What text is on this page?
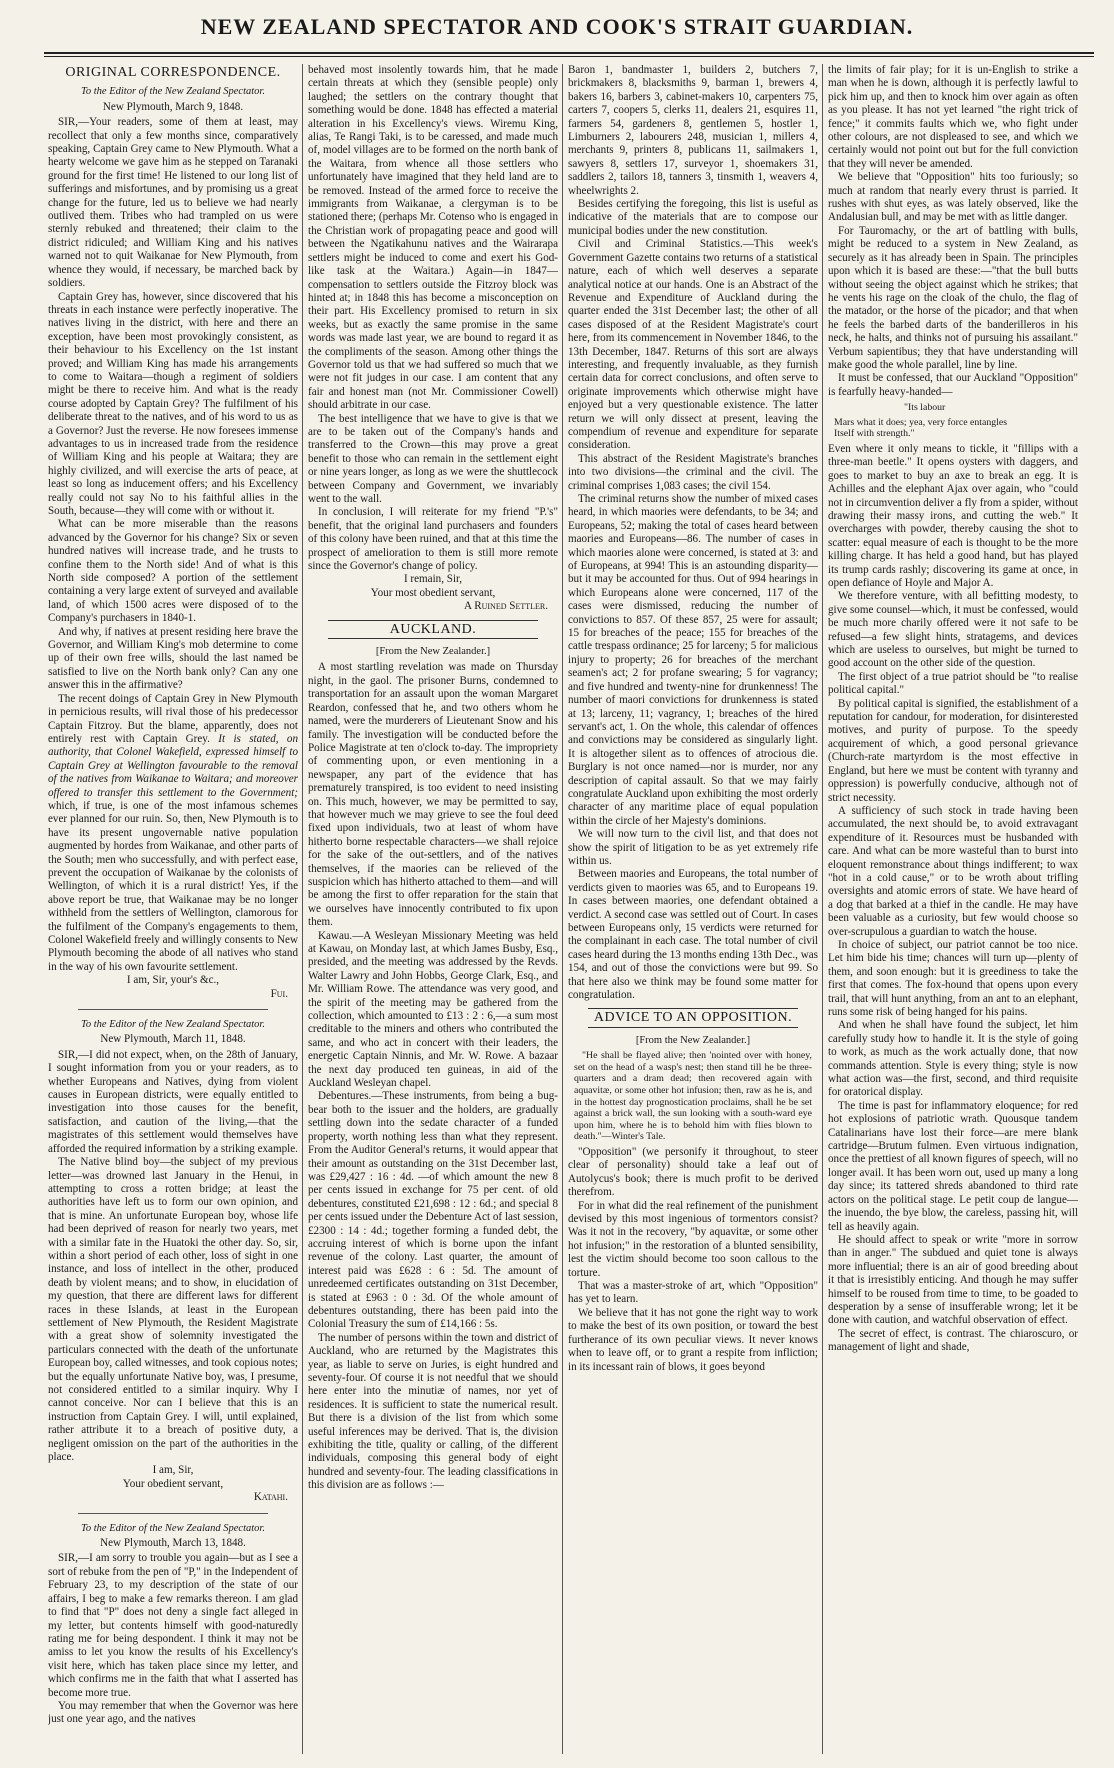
NEW ZEALAND SPECTATOR AND COOK'S STRAIT GUARDIAN.
ORIGINAL CORRESPONDENCE.

To the Editor of the New Zealand Spectator.

New Plymouth, March 9, 1848.

SIR,—Your readers, some of them at least, may recollect that only a few months since, comparatively speaking, Captain Grey came to New Plymouth. What a hearty welcome we gave him as he stepped on Taranaki ground for the first time! He listened to our long list of sufferings and misfortunes, and by promising us a great change for the future, led us to believe we had nearly outlived them. Tribes who had trampled on us were sternly rebuked and threatened; their claim to the district ridiculed; and William King and his natives warned not to quit Waikanae for New Plymouth, from whence they would, if necessary, be marched back by soldiers.

Captain Grey has, however, since discovered that his threats in each instance were perfectly inoperative. The natives living in the district, with here and there an exception, have been most provokingly consistent, as their behaviour to his Excellency on the 1st instant proved; and William King has made his arrangements to come to Waitara—though a regiment of soldiers might be there to receive him. And what is the ready course adopted by Captain Grey? The fulfilment of his deliberate threat to the natives, and of his word to us as a Governor? Just the reverse. He now foresees immense advantages to us in increased trade from the residence of William King and his people at Waitara; they are highly civilized, and will exercise the arts of peace, at least so long as inducement offers; and his Excellency really could not say No to his faithful allies in the South, because—they will come with or without it.

What can be more miserable than the reasons advanced by the Governor for his change? Six or seven hundred natives will increase trade, and he trusts to confine them to the North side! And of what is this North side composed? A portion of the settlement containing a very large extent of surveyed and available land, of which 1500 acres were disposed of to the Company's purchasers in 1840-1.

And why, if natives at present residing here brave the Governor, and William King's mob determine to come up of their own free wills, should the last named be satisfied to live on the North bank only? Can any one answer this in the affirmative?

The recent doings of Captain Grey in New Plymouth in pernicious results, will rival those of his predecessor Captain Fitzroy. But the blame, apparently, does not entirely rest with Captain Grey. It is stated, on authority, that Colonel Wakefield, expressed himself to Captain Grey at Wellington favourable to the removal of the natives from Waikanae to Waitara; and moreover offered to transfer this settlement to the Government; which, if true, is one of the most infamous schemes ever planned for our ruin. So, then, New Plymouth is to have its present ungovernable native population augmented by hordes from Waikanae, and other parts of the South; men who successfully, and with perfect ease, prevent the occupation of Waikanae by the colonists of Wellington, of which it is a rural district! Yes, if the above report be true, that Waikanae may be no longer withheld from the settlers of Wellington, clamorous for the fulfilment of the Company's engagements to them, Colonel Wakefield freely and willingly consents to New Plymouth becoming the abode of all natives who stand in the way of his own favourite settlement.

I am, Sir, your's &c.,

Fui.

To the Editor of the New Zealand Spectator.

New Plymouth, March 11, 1848.

SIR,—I did not expect, when, on the 28th of January, I sought information from you or your readers, as to whether Europeans and Natives, dying from violent causes in European districts, were equally entitled to investigation into those causes for the benefit, satisfaction, and caution of the living,—that the magistrates of this settlement would themselves have afforded the required information by a striking example.

The Native blind boy—the subject of my previous letter—was drowned last January in the Henui, in attempting to cross a rotten bridge; at least the authorities have left us to form our own opinion, and that is mine. An unfortunate European boy, whose life had been deprived of reason for nearly two years, met with a similar fate in the Huatoki the other day. So, sir, within a short period of each other, loss of sight in one instance, and loss of intellect in the other, produced death by violent means; and to show, in elucidation of my question, that there are different laws for different races in these Islands, at least in the European settlement of New Plymouth, the Resident Magistrate with a great show of solemnity investigated the particulars connected with the death of the unfortunate European boy, called witnesses, and took copious notes; but the equally unfortunate Native boy, was, I presume, not considered entitled to a similar inquiry. Why I cannot conceive. Nor can I believe that this is an instruction from Captain Grey. I will, until explained, rather attribute it to a breach of positive duty, a negligent omission on the part of the authorities in the place.

I am, Sir,

Your obedient servant,

Katahi.

To the Editor of the New Zealand Spectator.

New Plymouth, March 13, 1848.

SIR,—I am sorry to trouble you again—but as I see a sort of rebuke from the pen of "P," in the Independent of February 23, to my description of the state of our affairs, I beg to make a few remarks thereon. I am glad to find that "P" does not deny a single fact alleged in my letter, but contents himself with good-naturedly rating me for being despondent. I think it may not be amiss to let you know the results of his Excellency's visit here, which has taken place since my letter, and which confirms me in the faith that what I asserted has become more true.

You may remember that when the Governor was here just one year ago, and the natives

behaved most insolently towards him, that he made certain threats at which they (sensible people) only laughed; the settlers on the contrary thought that something would be done. 1848 has effected a material alteration in his Excellency's views. Wiremu King, alias, Te Rangi Taki, is to be caressed, and made much of, model villages are to be formed on the north bank of the Waitara, from whence all those settlers who unfortunately have imagined that they held land are to be removed. Instead of the armed force to receive the immigrants from Waikanae, a clergyman is to be stationed there; (perhaps Mr. Cotenso who is engaged in the Christian work of propagating peace and good will between the Ngatikahunu natives and the Wairarapa settlers might be induced to come and exert his God-like task at the Waitara.) Again—in 1847—compensation to settlers outside the Fitzroy block was hinted at; in 1848 this has become a misconception on their part. His Excellency promised to return in six weeks, but as exactly the same promise in the same words was made last year, we are bound to regard it as the compliments of the season. Among other things the Governor told us that we had suffered so much that we were not fit judges in our case. I am content that any fair and honest man (not Mr. Commissioner Cowell) should arbitrate in our case.

The best intelligence that we have to give is that we are to be taken out of the Company's hands and transferred to the Crown—this may prove a great benefit to those who can remain in the settlement eight or nine years longer, as long as we were the shuttlecock between Company and Government, we invariably went to the wall.

In conclusion, I will reiterate for my friend "P.'s" benefit, that the original land purchasers and founders of this colony have been ruined, and that at this time the prospect of amelioration to them is still more remote since the Governor's change of policy.

I remain, Sir,

Your most obedient servant,

A Ruined Settler.

AUCKLAND.

[From the New Zealander.]

A most startling revelation was made on Thursday night, in the gaol. The prisoner Burns, condemned to transportation for an assault upon the woman Margaret Reardon, confessed that he, and two others whom he named, were the murderers of Lieutenant Snow and his family. The investigation will be conducted before the Police Magistrate at ten o'clock to-day. The impropriety of commenting upon, or even mentioning in a newspaper, any part of the evidence that has prematurely transpired, is too evident to need insisting on. This much, however, we may be permitted to say, that however much we may grieve to see the foul deed fixed upon individuals, two at least of whom have hitherto borne respectable characters—we shall rejoice for the sake of the out-settlers, and of the natives themselves, if the maories can be relieved of the suspicion which has hitherto attached to them—and will be among the first to offer reparation for the stain that we ourselves have innocently contributed to fix upon them.

Kawau.—A Wesleyan Missionary Meeting was held at Kawau, on Monday last, at which James Busby, Esq., presided, and the meeting was addressed by the Revds. Walter Lawry and John Hobbs, George Clark, Esq., and Mr. William Rowe. The attendance was very good, and the spirit of the meeting may be gathered from the collection, which amounted to £13 : 2 : 6,—a sum most creditable to the miners and others who contributed the same, and who act in concert with their leaders, the energetic Captain Ninnis, and Mr. W. Rowe. A bazaar the next day produced ten guineas, in aid of the Auckland Wesleyan chapel.

Debentures.—These instruments, from being a bug-bear both to the issuer and the holders, are gradually settling down into the sedate character of a funded property, worth nothing less than what they represent. From the Auditor General's returns, it would appear that their amount as outstanding on the 31st December last, was £29,427 : 16 : 4d. —of which amount the new 8 per cents issued in exchange for 75 per cent. of old debentures, constituted £21,698 : 12 : 6d.; and special 8 per cents issued under the Debenture Act of last session, £2300 : 14 : 4d.; together forming a funded debt, the accruing interest of which is borne upon the infant revenue of the colony. Last quarter, the amount of interest paid was £628 : 6 : 5d. The amount of unredeemed certificates outstanding on 31st December, is stated at £963 : 0 : 3d. Of the whole amount of debentures outstanding, there has been paid into the Colonial Treasury the sum of £14,166 : 5s.

The number of persons within the town and district of Auckland, who are returned by the Magistrates this year, as liable to serve on Juries, is eight hundred and seventy-four. Of course it is not needful that we should here enter into the minutiæ of names, nor yet of residences. It is sufficient to state the numerical result. But there is a division of the list from which some useful inferences may be derived. That is, the division exhibiting the title, quality or calling, of the different individuals, composing this general body of eight hundred and seventy-four. The leading classifications in this division are as follows :—

Baron 1, bandmaster 1, builders 2, butchers 7, brickmakers 8, blacksmiths 9, barman 1, brewers 4, bakers 16, barbers 3, cabinet-makers 10, carpenters 75, carters 7, coopers 5, clerks 11, dealers 21, esquires 11, farmers 54, gardeners 8, gentlemen 5, hostler 1, Limburners 2, labourers 248, musician 1, millers 4, merchants 9, printers 8, publicans 11, sailmakers 1, sawyers 8, settlers 17, surveyor 1, shoemakers 31, saddlers 2, tailors 18, tanners 3, tinsmith 1, weavers 4, wheelwrights 2.

Besides certifying the foregoing, this list is useful as indicative of the materials that are to compose our municipal bodies under the new constitution.

Civil and Criminal Statistics.—This week's Government Gazette contains two returns of a statistical nature, each of which well deserves a separate analytical notice at our hands. One is an Abstract of the Revenue and Expenditure of Auckland during the quarter ended the 31st December last; the other of all cases disposed of at the Resident Magistrate's court here, from its commencement in November 1846, to the 13th December, 1847. Returns of this sort are always interesting, and frequently invaluable, as they furnish certain data for correct conclusions, and often serve to originate improvements which otherwise might have enjoyed but a very questionable existence. The latter return we will only dissect at present, leaving the compendium of revenue and expenditure for separate consideration.

This abstract of the Resident Magistrate's branches into two divisions—the criminal and the civil. The criminal comprises 1,083 cases; the civil 154.

The criminal returns show the number of mixed cases heard, in which maories were defendants, to be 34; and Europeans, 52; making the total of cases heard between maories and Europeans—86. The number of cases in which maories alone were concerned, is stated at 3: and of Europeans, at 994! This is an astounding disparity—but it may be accounted for thus. Out of 994 hearings in which Europeans alone were concerned, 117 of the cases were dismissed, reducing the number of convictions to 857. Of these 857, 25 were for assault; 15 for breaches of the peace; 155 for breaches of the cattle trespass ordinance; 25 for larceny; 5 for malicious injury to property; 26 for breaches of the merchant seamen's act; 2 for profane swearing; 5 for vagrancy; and five hundred and twenty-nine for drunkenness! The number of maori convictions for drunkenness is stated at 13; larceny, 11; vagrancy, 1; breaches of the hired servant's act, 1. On the whole, this calendar of offences and convictions may be considered as singularly light. It is altogether silent as to offences of atrocious die. Burglary is not once named—nor is murder, nor any description of capital assault. So that we may fairly congratulate Auckland upon exhibiting the most orderly character of any maritime place of equal population within the circle of her Majesty's dominions.

We will now turn to the civil list, and that does not show the spirit of litigation to be as yet extremely rife within us.

Between maories and Europeans, the total number of verdicts given to maories was 65, and to Europeans 19. In cases between maories, one defendant obtained a verdict. A second case was settled out of Court. In cases between Europeans only, 15 verdicts were returned for the complainant in each case. The total number of civil cases heard during the 13 months ending 13th Dec., was 154, and out of those the convictions were but 99. So that here also we think may be found some matter for congratulation.

ADVICE TO AN OPPOSITION.

[From the New Zealander.]

"He shall be flayed alive; then 'nointed over with honey, set on the head of a wasp's nest; then stand till he be three-quarters and a dram dead; then recovered again with aquavitæ, or some other hot infusion; then, raw as he is, and in the hottest day prognostication proclaims, shall he be set against a brick wall, the sun looking with a south-ward eye upon him, where he is to behold him with flies blown to death."—Winter's Tale.

"Opposition" (we personify it throughout, to steer clear of personality) should take a leaf out of Autolycus's book; there is much profit to be derived therefrom.

For in what did the real refinement of the punishment devised by this most ingenious of tormentors consist? Was it not in the recovery, "by aquavitæ, or some other hot infusion;" in the restoration of a blunted sensibility, lest the victim should become too soon callous to the torture.

That was a master-stroke of art, which "Opposition" has yet to learn.

We believe that it has not gone the right way to work to make the best of its own position, or toward the best furtherance of its own peculiar views. It never knows when to leave off, or to grant a respite from infliction; in its incessant rain of blows, it goes beyond

the limits of fair play; for it is un-English to strike a man when he is down, although it is perfectly lawful to pick him up, and then to knock him over again as often as you please. It has not yet learned "the right trick of fence;" it commits faults which we, who fight under other colours, are not displeased to see, and which we certainly would not point out but for the full conviction that they will never be amended.

We believe that "Opposition" hits too furiously; so much at random that nearly every thrust is parried. It rushes with shut eyes, as was lately observed, like the Andalusian bull, and may be met with as little danger.

For Tauromachy, or the art of battling with bulls, might be reduced to a system in New Zealand, as securely as it has already been in Spain. The principles upon which it is based are these:—"that the bull butts without seeing the object against which he strikes; that he vents his rage on the cloak of the chulo, the flag of the matador, or the horse of the picador; and that when he feels the barbed darts of the banderilleros in his neck, he halts, and thinks not of pursuing his assailant." Verbum sapientibus; they that have understanding will make good the whole parallel, line by line.

It must be confessed, that our Auckland "Opposition" is fearfully heavy-handed—

"Its labour

Mars what it does; yea, very force entangles

Itself with strength."

Even where it only means to tickle, it "fillips with a three-man beetle." It opens oysters with daggers, and goes to market to buy an axe to break an egg. It is Achilles and the elephant Ajax over again, who "could not in circumvention deliver a fly from a spider, without drawing their massy irons, and cutting the web." It overcharges with powder, thereby causing the shot to scatter: equal measure of each is thought to be the more killing charge. It has held a good hand, but has played its trump cards rashly; discovering its game at once, in open defiance of Hoyle and Major A.

We therefore venture, with all befitting modesty, to give some counsel—which, it must be confessed, would be much more charily offered were it not safe to be refused—a few slight hints, stratagems, and devices which are useless to ourselves, but might be turned to good account on the other side of the question.

The first object of a true patriot should be "to realise political capital."

By political capital is signified, the establishment of a reputation for candour, for moderation, for disinterested motives, and purity of purpose. To the speedy acquirement of which, a good personal grievance (Church-rate martyrdom is the most effective in England, but here we must be content with tyranny and oppression) is powerfully conducive, although not of strict necessity.

A sufficiency of such stock in trade having been accumulated, the next should be, to avoid extravagant expenditure of it. Resources must be husbanded with care. And what can be more wasteful than to burst into eloquent remonstrance about things indifferent; to wax "hot in a cold cause," or to be wroth about trifling oversights and atomic errors of state. We have heard of a dog that barked at a thief in the candle. He may have been valuable as a curiosity, but few would choose so over-scrupulous a guardian to watch the house.

In choice of subject, our patriot cannot be too nice. Let him bide his time; chances will turn up—plenty of them, and soon enough: but it is greediness to take the first that comes. The fox-hound that opens upon every trail, that will hunt anything, from an ant to an elephant, runs some risk of being hanged for his pains.

And when he shall have found the subject, let him carefully study how to handle it. It is the style of going to work, as much as the work actually done, that now commands attention. Style is every thing; style is now what action was—the first, second, and third requisite for oratorical display.

The time is past for inflammatory eloquence; for red hot explosions of patriotic wrath. Quousque tandem Catalinarians have lost their force—are mere blank cartridge—Brutum fulmen. Even virtuous indignation, once the prettiest of all known figures of speech, will no longer avail. It has been worn out, used up many a long day since; its tattered shreds abandoned to third rate actors on the political stage. Le petit coup de langue—the inuendo, the bye blow, the careless, passing hit, will tell as heavily again.

He should affect to speak or write "more in sorrow than in anger." The subdued and quiet tone is always more influential; there is an air of good breeding about it that is irresistibly enticing. And though he may suffer himself to be roused from time to time, to be goaded to desperation by a sense of insufferable wrong; let it be done with caution, and watchful observation of effect.

The secret of effect, is contrast. The chiaroscuro, or management of light and shade,
